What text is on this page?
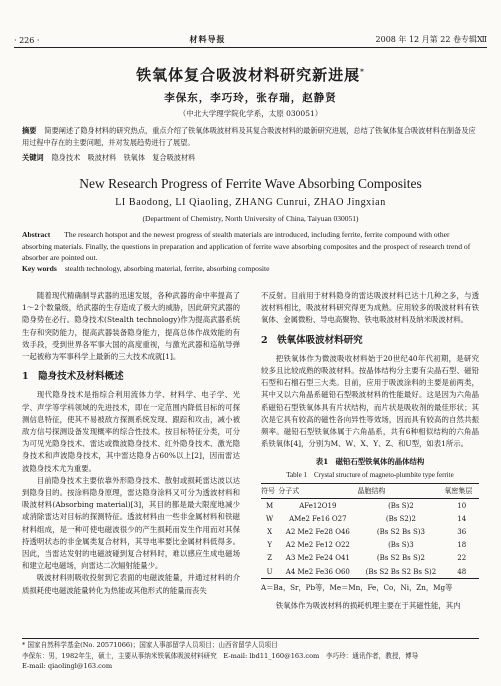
· 226 ·	材料导报	2008 年 12 月第 22 卷专辑Ⅻ
铁氧体复合吸波材料研究新进展*
李保东，李巧玲，张存瑞，赵静贤
（中北大学理学院化学系，太原 030051）
摘要 简要阐述了隐身材料的研究热点，重点介绍了铁氧体吸波材料及其复合吸波材料的最新研究进展，总结了铁氧体复合吸波材料在制备及应用过程中存在的主要问题，并对发展趋势进行了展望。
关键词 隐身技术　吸波材料　铁氧体　复合吸波材料
New Research Progress of Ferrite Wave Absorbing Composites
LI Baodong, LI Qiaoling, ZHANG Cunrui, ZHAO Jingxian
(Department of Chemistry, North University of China, Taiyuan 030051)
Abstract The research hotspot and the newest progress of stealth materials are introduced, including ferrite, ferrite compound with other absorbing materials. Finally, the questions in preparation and application of ferrite wave absorbing composites and the prospect of research trend of absorber are pointed out.
Key words stealth technology, absorbing material, ferrite, absorbing composite

随着现代精确制导武器的迅速发展，各种武器的命中率提高了1～2个数量级，给武器的生存造成了极大的威胁，因此研究武器的隐身势在必行。隐身技术(Stealth technology)作为提高武器系统生存和突防能力，提高武器装备隐身能力，提高总体作战效能的有效手段，受到世界各军事大国的高度重视，与激光武器和巡航导弹一起被称为军事科学上最新的三大技术成就[1]。

1　隐身技术及材料概述

现代隐身技术是指综合利用流体力学、材料学、电子学、光学、声学等学科领域的先进技术，即在一定范围内降低目标的可探测信息特征，使其不易被敌方探测系统发现、跟踪和攻击，减小被敌方信号探测设备发现概率的综合性技术。按目标特征分类，可分为可见光隐身技术、雷达或微波隐身技术、红外隐身技术、激光隐身技术和声波隐身技术，其中雷达隐身占60%以上[2]，因而雷达波隐身技术尤为重要。

目前隐身技术主要依靠外形隐身技术、散射或损耗雷达波以达到隐身目的。按涂料隐身原理，雷达隐身涂料又可分为透波材料和吸波材料(Absorbing material)[3]，其目的都是最大限度地减少或消除雷达对目标的探测特征。透波材料由一些非金属材料和铁磁材料组成，是一种可使电磁波很少的产生损耗而发生作用而对其保持透明状态的非金属类复合材料，其导电率要比金属材料低得多。因此，当雷达发射的电磁波碰到复合材料时，难以感应生成电磁场和建立起电磁场，向雷达二次辐射能量少。

吸波材料则吸收投射到它表面的电磁波能量，并通过材料的介质损耗使电磁波能量转化为热能或其他形式的能量而丧失

不反射。目前用于材料隐身的雷达吸波材料已达十几种之多，与透波材料相比，吸波材料研究得更为成熟。应用较多的吸波材料有铁氧体、金属微粉、导电高聚物、铁电吸波材料及纳米吸波材料。

2　铁氧体吸波材料研究

把铁氧体作为微波吸收材料始于20世纪40年代初期，是研究较多且比较成熟的吸波材料。按晶体结构分主要有尖晶石型、磁铅石型和石榴石型三大类。目前，应用于吸波涂料的主要是前两类，其中又以六角晶系磁铅石型吸波材料的性能最好。这是因为六角晶系磁铅石型铁氧体具有片状结构，而片状是吸收剂的最佳形状；其次是它具有较高的磁性各向异性等效场，因而具有较高的自然共振频率。磁铅石型铁氧体属于六角晶系，共有6种相似结构的六角晶系铁氧体[4]，分别为M、W、X、Y、Z、和U型，如表1所示。

表1　磁铅石型铁氧体的晶体结构
Table 1　Crystal structure of magneto-plumbite type ferrite
符号	分子式	晶胞结构	氧密集层
M	AFe12O19	(Bs S)2	10
W	AMe2 Fe16 O27	(Bs S2)2	14
X	A2 Me2 Fe28 O46	(Bs S2 Bs S)3	36
Y	A2 Me2 Fe12 O22	(Bs S)3	18
Z	A3 Me2 Fe24 O41	(Bs S2 Bs S)2	22
U	A4 Me2 Fe36 O60	(Bs S2 Bs S2 Bs S)2	48
A＝Ba，Sr，Pb等，Me＝Mn，Fe，Co，Ni，Zn，Mg等

铁氧体作为吸波材料的损耗机理主要在于其磁性能，其内

* 国家自然科学基金(No. 20571066)；国家人事部留学人员项目；山西省留学人员项目
李保东：男，1982年生，硕士，主要从事纳米铁氧体吸波材料研究　E-mail: lbd11_160@163.com　李巧玲：通讯作者，教授，博导
E-mail: qiaolingl@163.com
